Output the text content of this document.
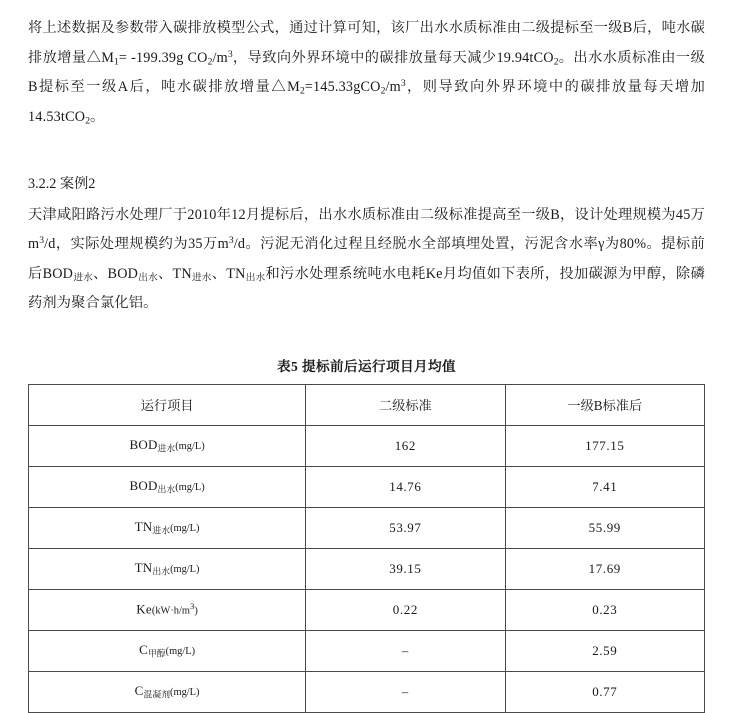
将上述数据及参数带入碳排放模型公式，通过计算可知，该厂出水水质标准由二级提标至一级B后，吨水碳排放增量$\triangle M_1= -199.39g$ $CO_2/m^3$，导致向外界环境中的碳排放量每天减少19.94tCO$_2$。出水水质标准由一级B提标至一级A后，吨水碳排放增量$\triangle M_2=145.33gCO_2/m^3$，则导致向外界环境中的碳排放量每天增加14.53tCO$_2$。
3.2.2 案例2
天津咸阳路污水处理厂于2010年12月提标后，出水水质标准由二级标准提高至一级B，设计处理规模为45万$m^3/d$，实际处理规模约为35万$m^3/d$。污泥无消化过程且经脱水全部填埋处置，污泥含水率γ为80%。提标前后$BOD_{进水}$、$BOD_{出水}$、$TN_{进水}$、$TN_{出水}$和污水处理系统吨水电耗Ke月均值如下表所，投加碳源为甲醇，除磷药剂为聚合氯化铝。
表5 提标前后运行项目月均值
运行项目	二级标准	一级B标准后
$BOD_{进水}(mg/L)$	162	177.15
$BOD_{出水}(mg/L)$	14.76	7.41
$TN_{进水}(mg/L)$	53.97	55.99
$TN_{出水}(mg/L)$	39.15	17.69
$Ke(kW\cdot h/m^3)$	0.22	0.23
$C_{甲醇}(mg/L)$	–	2.59
$C_{混凝剂}(mg/L)$	–	0.77
